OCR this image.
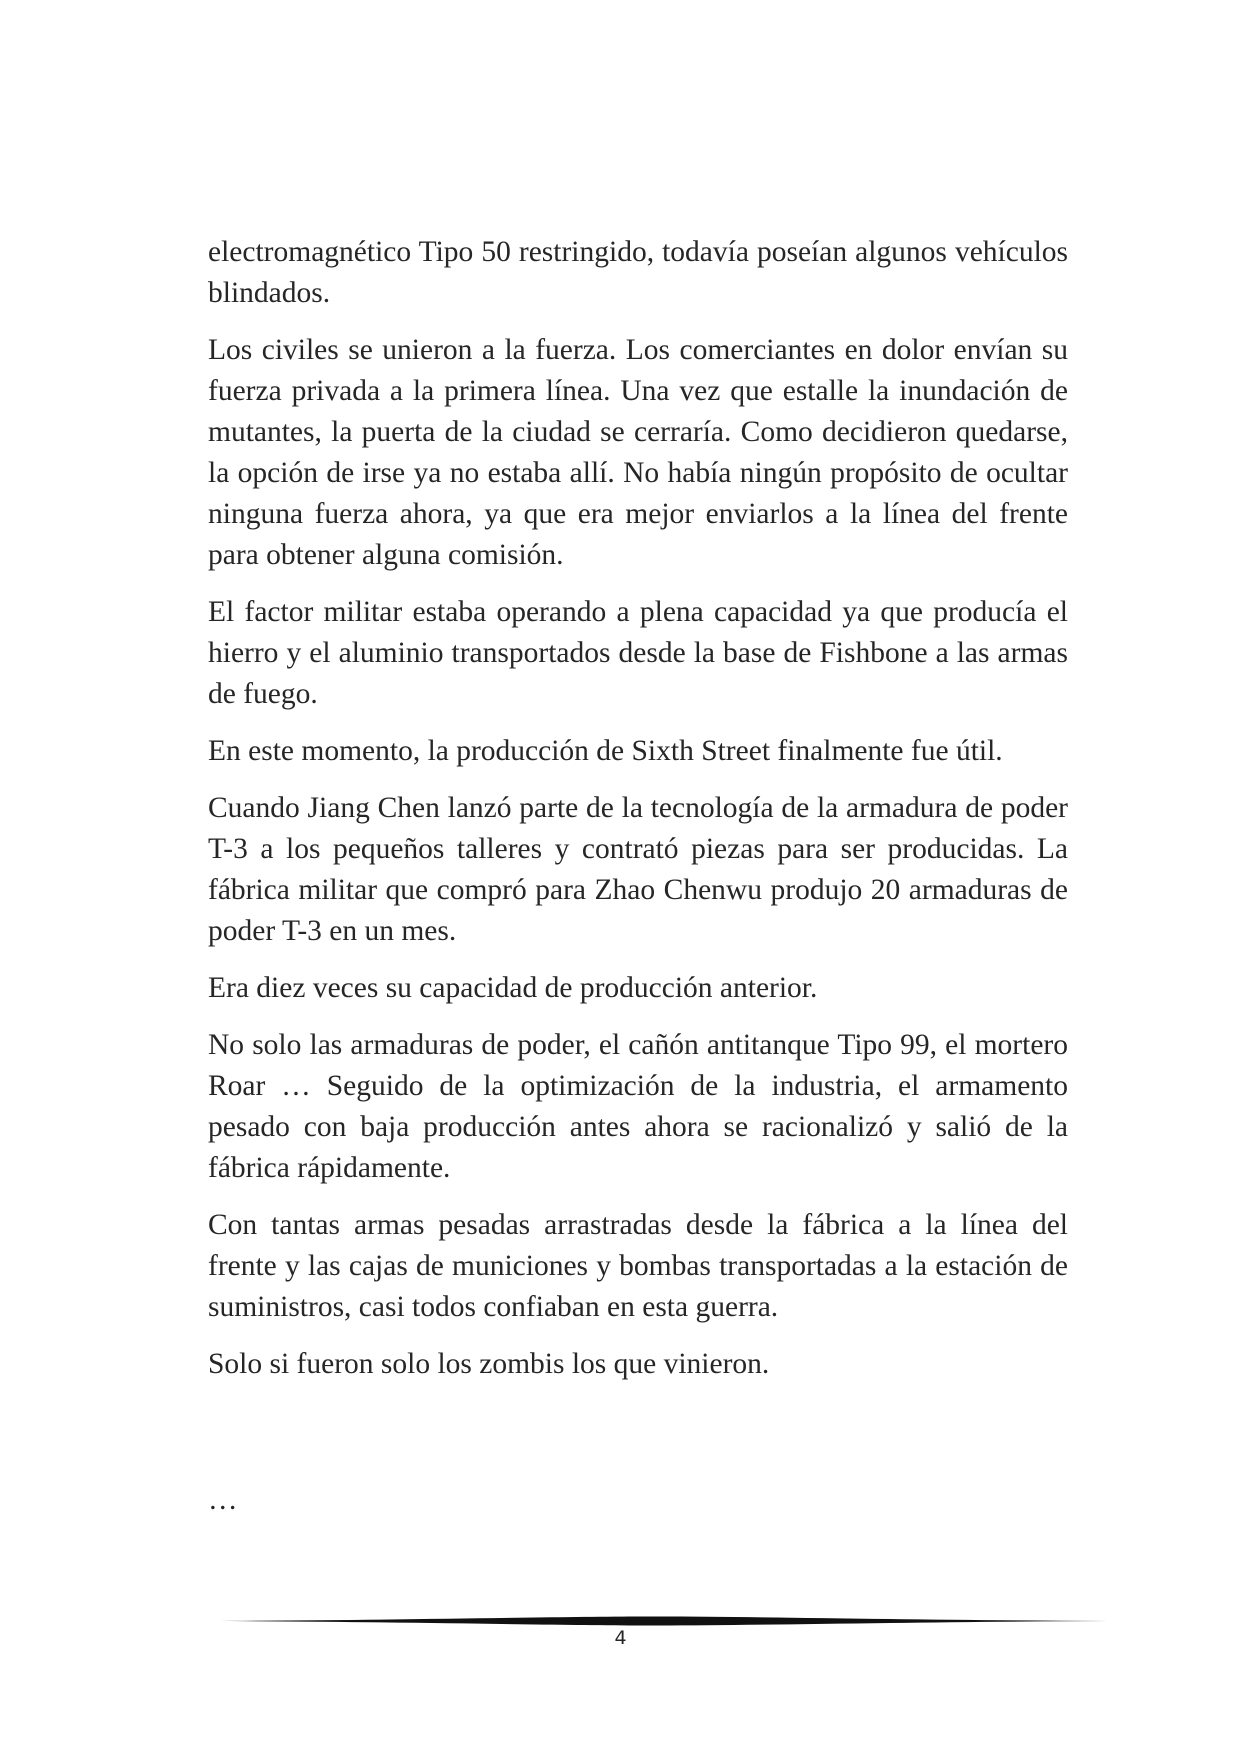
electromagnético Tipo 50 restringido, todavía poseían algunos vehículos blindados.

Los civiles se unieron a la fuerza. Los comerciantes en dolor envían su fuerza privada a la primera línea. Una vez que estalle la inundación de mutantes, la puerta de la ciudad se cerraría. Como decidieron quedarse, la opción de irse ya no estaba allí. No había ningún propósito de ocultar ninguna fuerza ahora, ya que era mejor enviarlos a la línea del frente para obtener alguna comisión.

El factor militar estaba operando a plena capacidad ya que producía el hierro y el aluminio transportados desde la base de Fishbone a las armas de fuego.

En este momento, la producción de Sixth Street finalmente fue útil.

Cuando Jiang Chen lanzó parte de la tecnología de la armadura de poder T-3 a los pequeños talleres y contrató piezas para ser producidas. La fábrica militar que compró para Zhao Chenwu produjo 20 armaduras de poder T-3 en un mes.

Era diez veces su capacidad de producción anterior.

No solo las armaduras de poder, el cañón antitanque Tipo 99, el mortero Roar … Seguido de la optimización de la industria, el armamento pesado con baja producción antes ahora se racionalizó y salió de la fábrica rápidamente.

Con tantas armas pesadas arrastradas desde la fábrica a la línea del frente y las cajas de municiones y bombas transportadas a la estación de suministros, casi todos confiaban en esta guerra.

Solo si fueron solo los zombis los que vinieron.

…
4
